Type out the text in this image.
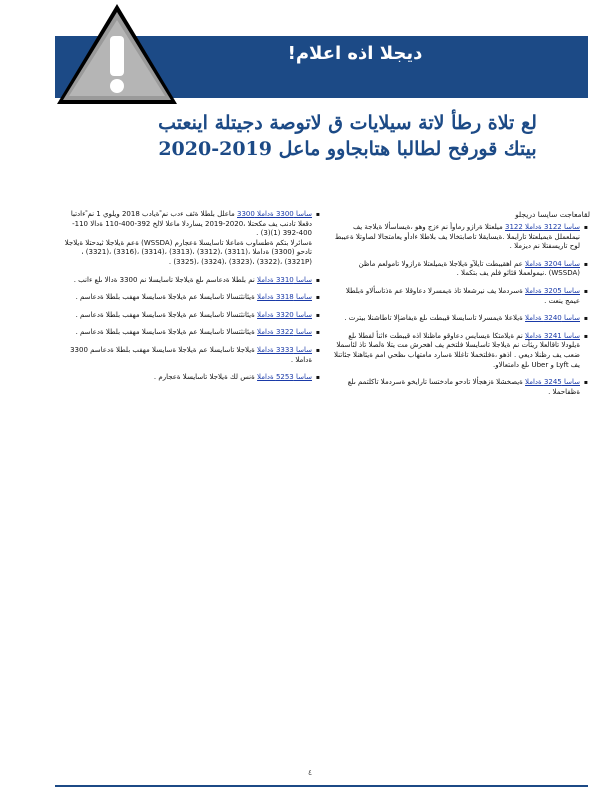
ديجلا اذه اعلام!
لع تلاة رطأ لاتة سيلايات ق لاتوصة دجيتلة اينعتب
بيتك قورفح لطالبا هتابجاوو ماعل 2019-2020
لقامعاجت سايسا دريجلو
▪ ساسا 3122 ةداملا 3122 ميلعتلا ةرازو رماوأ نم ءزج وهو ،ةيساسألا ةيلاجة يف نيملعملل ةيميلعتلا تارايملا .ةيسايقلا تاصابتخالا يف بلاطلا ءادأو يعامتجالا لصاوتلا ةعيبط لوح تاريسفتلا نم ديزملا .
▪ ساسا 3204 ةداملا عم اهقيبطت تايلآو ةيلاجلا ةيميلعتلا ةرازولا تامولعم ماظن (WSSDA) .نيمولعملا قئاثو فلم يف بتكملا .
▪ ساسا 3205 ةداملا ةسردملا يف نيرشعلا تاذ ةيمسرلا دعاوقلا عم ةذتاسألاو ةبلطلا عيمج ينعت .
▪ ساسا 3240 ةداملا ةيلاعلا ةيمسرلا تاسايسلا قيبطت ىلع ةيفاضإلا تاطاشنلا بيترت .
▪ ساسا 3241 ةداملا نم ةيلامتكا ةيسايس دعاوقو ماظنلا اذه قيبطت ءاثنأ لفطلا ىلع ةيلودلا تاقالعلا ريثأت نم ةيلاجلا تاسايسلا فلتخم يف اهحرش مت يتلا ةلصلا تاذ لئاسملا ضعب يف رظنلا ديعي . اذهو ،ةفلتخملا تاغللا ةسارد مامتهاب ىظحي امم ةيئاهنلا جئاتنلا يف Lyft و Uber ىلع دامتعالاو.
▪ ساسا 3245 ةداملا ةيصخشلا ةزهجألا تادحو مادختسا تارايخو ةسردملا تاكلتمم ىلع ةظفاحملا .
▪ ساسا 3300 ةداملا 3300 ماعلل بلطلا ةئف ءدب نم ًةيادب 2018 ويلوي 1 نم ًءادتبا دقعلا تادنب يف مكحتلا ،2020-2019 يساردلا ماعلا لالخ 392-400-110 ةدالا 110-400-392 (1)(3) .
ةسائرلا بتكم ةطساوب ةماعلا تاسايسلا ةعجارم (WSSDA) ةعم ةيلاجلا ثيدحتلا ةيلاجلا تادحو (3300) ةداملا ،(3311) ،(3312) ،(3313) ،(3314) ،(3316) ،(3321) ،(3321P) ،(3322) ،(3323) ،(3324) ،(3325) .
▪ ساسا 3310 ةداملا نم بلطلا ةدعاسم ىلع ةيلاجلا تاسايسلا نم 3300 ةدالا ىلع ءانب .
▪ ساسا 3318 ةداملا ةيئانثتسالا تاسايسلا عم ةيلاجلا ةسايسلا مهفب بلطلا ةدعاسم .
▪ ساسا 3320 ةداملا ةيئانثتسالا تاسايسلا عم ةيلاجلا ةسايسلا مهفب بلطلا ةدعاسم .
▪ ساسا 3322 ةداملا ةيئانثتسالا تاسايسلا عم ةيلاجلا ةسايسلا مهفب بلطلا ةدعاسم .
▪ ساسا 3333 ةداملا ةيلاجلا تاسايسلا عم ةيلاجلا ةسايسلا مهفب بلطلا ةدعاسم 3300 ةداملا .
▪ ساسا 5253 ةداملا ةنس لك ةيلاجلا تاسايسلا ةعجارم .
٤
